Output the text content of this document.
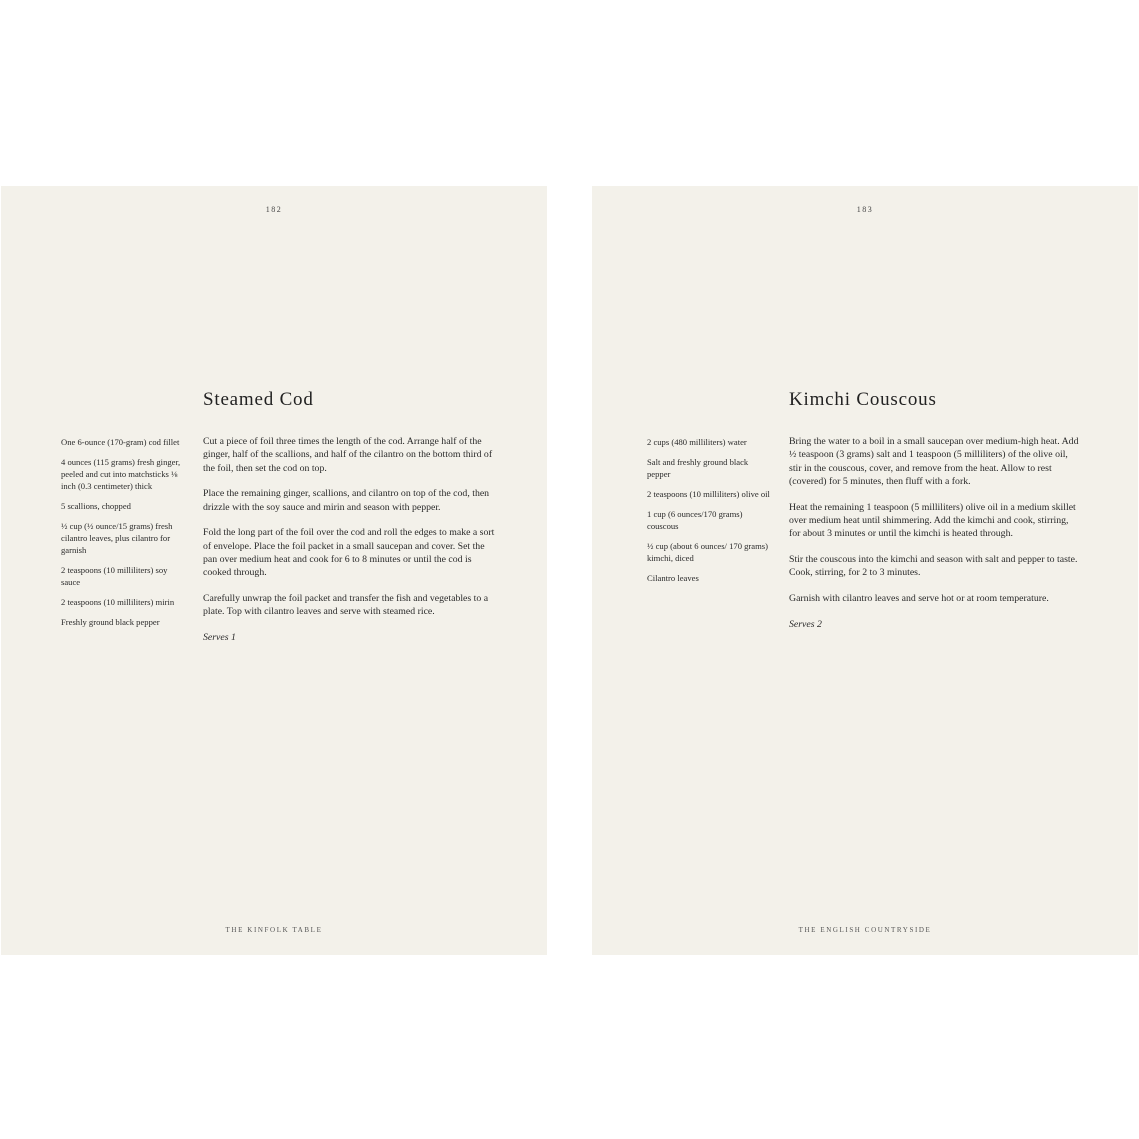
182
Steamed Cod
One 6-ounce (170-gram) cod fillet
4 ounces (115 grams) fresh ginger, peeled and cut into matchsticks ⅛ inch (0.3 centimeter) thick
5 scallions, chopped
½ cup (½ ounce/15 grams) fresh cilantro leaves, plus cilantro for garnish
2 teaspoons (10 milliliters) soy sauce
2 teaspoons (10 milliliters) mirin
Freshly ground black pepper

Cut a piece of foil three times the length of the cod. Arrange half of the ginger, half of the scallions, and half of the cilantro on the bottom third of the foil, then set the cod on top.

Place the remaining ginger, scallions, and cilantro on top of the cod, then drizzle with the soy sauce and mirin and season with pepper.

Fold the long part of the foil over the cod and roll the edges to make a sort of envelope. Place the foil packet in a small saucepan and cover. Set the pan over medium heat and cook for 6 to 8 minutes or until the cod is cooked through.

Carefully unwrap the foil packet and transfer the fish and vegetables to a plate. Top with cilantro leaves and serve with steamed rice.

Serves 1

THE KINFOLK TABLE
183
Kimchi Couscous
2 cups (480 milliliters) water
Salt and freshly ground black pepper
2 teaspoons (10 milliliters) olive oil
1 cup (6 ounces/170 grams) couscous
½ cup (about 6 ounces/ 170 grams) kimchi, diced
Cilantro leaves

Bring the water to a boil in a small saucepan over medium-high heat. Add ½ teaspoon (3 grams) salt and 1 teaspoon (5 milliliters) of the olive oil, stir in the couscous, cover, and remove from the heat. Allow to rest (covered) for 5 minutes, then fluff with a fork.

Heat the remaining 1 teaspoon (5 milliliters) olive oil in a medium skillet over medium heat until shimmering. Add the kimchi and cook, stirring, for about 3 minutes or until the kimchi is heated through.

Stir the couscous into the kimchi and season with salt and pepper to taste. Cook, stirring, for 2 to 3 minutes.

Garnish with cilantro leaves and serve hot or at room temperature.

Serves 2

THE ENGLISH COUNTRYSIDE
